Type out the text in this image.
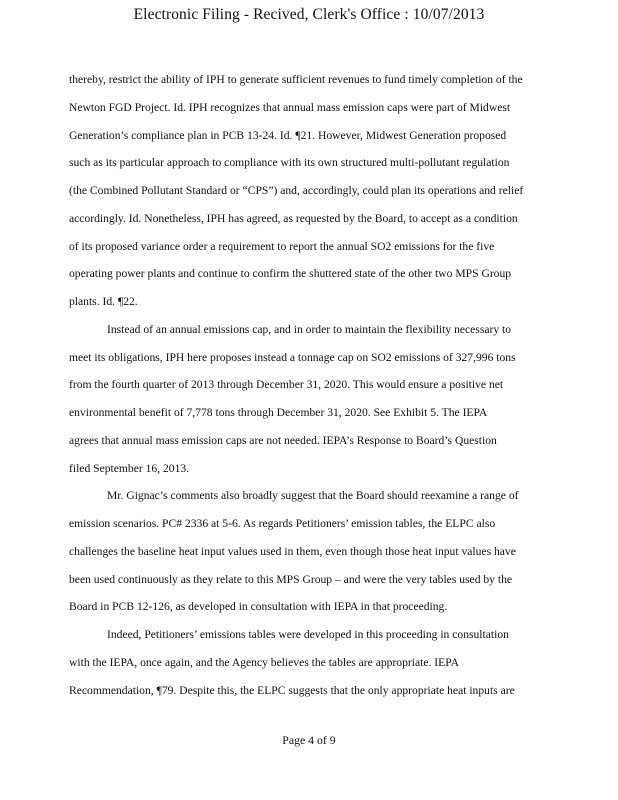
Electronic Filing - Recived, Clerk's Office : 10/07/2013
thereby, restrict the ability of IPH to generate sufficient revenues to fund timely completion of the
Newton FGD Project. Id. IPH recognizes that annual mass emission caps were part of Midwest
Generation’s compliance plan in PCB 13-24. Id. ¶21. However, Midwest Generation proposed
such as its particular approach to compliance with its own structured multi-pollutant regulation
(the Combined Pollutant Standard or “CPS”) and, accordingly, could plan its operations and relief
accordingly. Id. Nonetheless, IPH has agreed, as requested by the Board, to accept as a condition
of its proposed variance order a requirement to report the annual SO2 emissions for the five
operating power plants and continue to confirm the shuttered state of the other two MPS Group
plants. Id. ¶22.
Instead of an annual emissions cap, and in order to maintain the flexibility necessary to
meet its obligations, IPH here proposes instead a tonnage cap on SO2 emissions of 327,996 tons
from the fourth quarter of 2013 through December 31, 2020. This would ensure a positive net
environmental benefit of 7,778 tons through December 31, 2020. See Exhibit 5. The IEPA
agrees that annual mass emission caps are not needed. IEPA’s Response to Board’s Question
filed September 16, 2013.
Mr. Gignac’s comments also broadly suggest that the Board should reexamine a range of
emission scenarios. PC# 2336 at 5-6. As regards Petitioners’ emission tables, the ELPC also
challenges the baseline heat input values used in them, even though those heat input values have
been used continuously as they relate to this MPS Group – and were the very tables used by the
Board in PCB 12-126, as developed in consultation with IEPA in that proceeding.
Indeed, Petitioners’ emissions tables were developed in this proceeding in consultation
with the IEPA, once again, and the Agency believes the tables are appropriate. IEPA
Recommendation, ¶79. Despite this, the ELPC suggests that the only appropriate heat inputs are
Page 4 of 9
